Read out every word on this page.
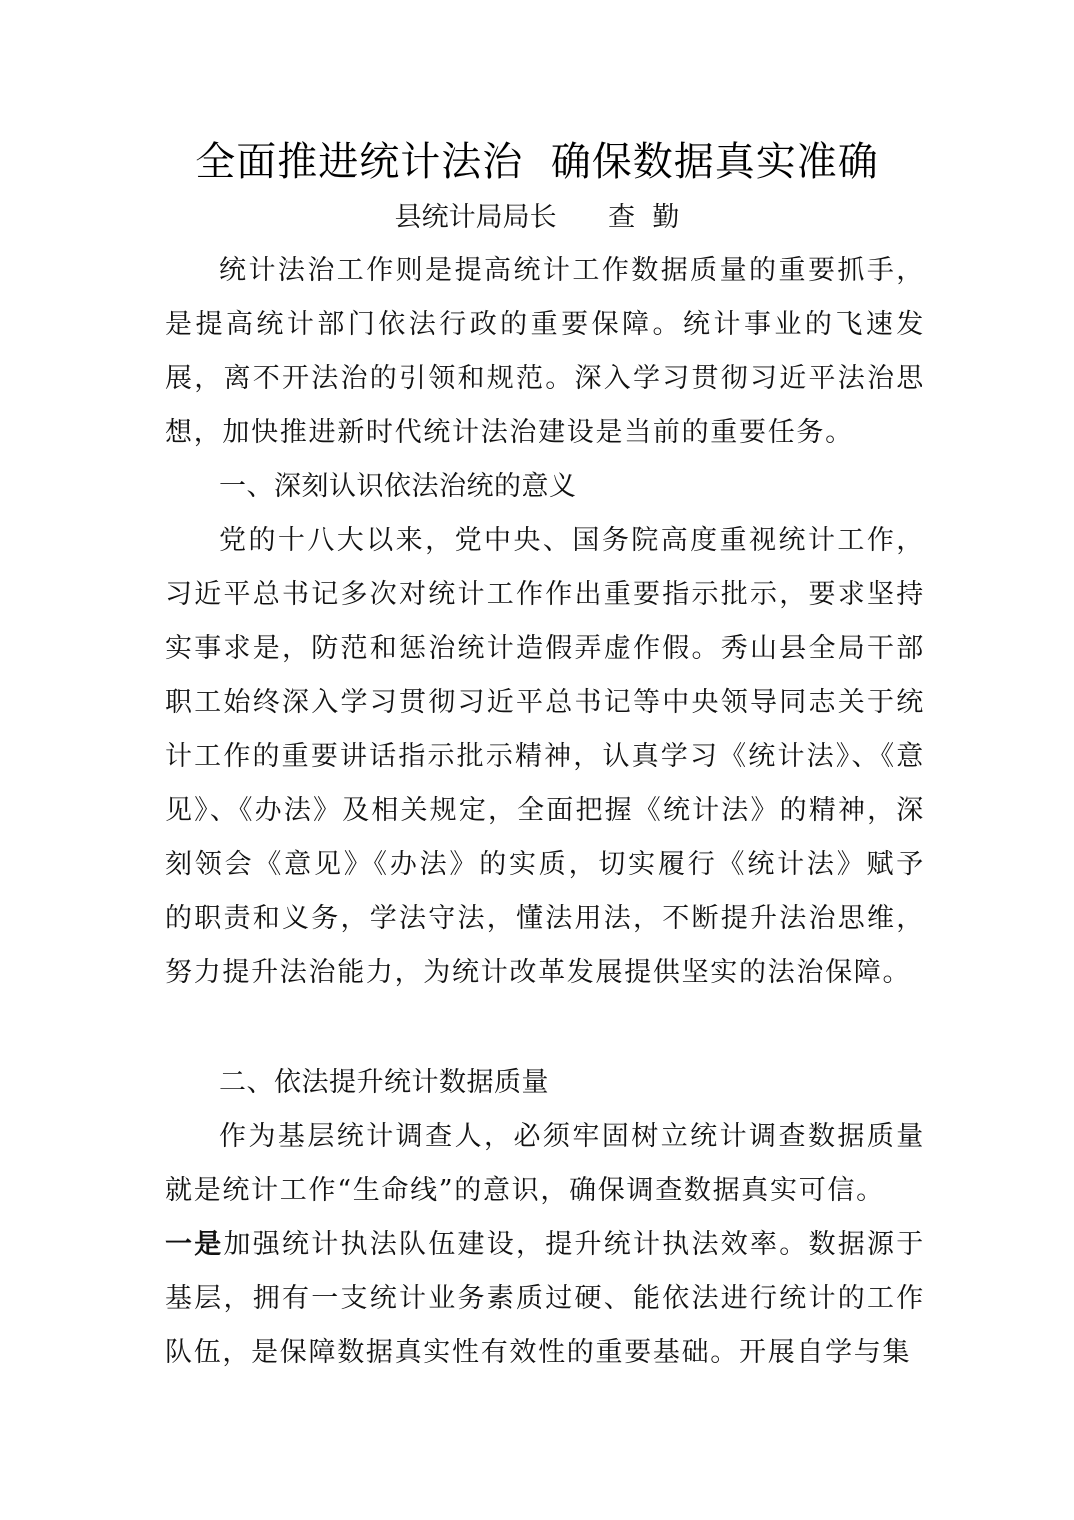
全面推进统计法治  确保数据真实准确
县统计局局长      查  勤

统计法治工作则是提高统计工作数据质量的重要抓手，是提高统计部门依法行政的重要保障。统计事业的飞速发展，离不开法治的引领和规范。深入学习贯彻习近平法治思想，加快推进新时代统计法治建设是当前的重要任务。

一、深刻认识依法治统的意义

党的十八大以来，党中央、国务院高度重视统计工作，习近平总书记多次对统计工作作出重要指示批示，要求坚持实事求是，防范和惩治统计造假弄虚作假。秀山县全局干部职工始终深入学习贯彻习近平总书记等中央领导同志关于统计工作的重要讲话指示批示精神，认真学习《统计法》、《意见》、《办法》及相关规定，全面把握《统计法》的精神，深刻领会《意见》《办法》的实质，切实履行《统计法》赋予的职责和义务，学法守法，懂法用法，不断提升法治思维，努力提升法治能力，为统计改革发展提供坚实的法治保障。

二、依法提升统计数据质量

作为基层统计调查人，必须牢固树立统计调查数据质量就是统计工作“生命线”的意识，确保调查数据真实可信。

一是加强统计执法队伍建设，提升统计执法效率。数据源于基层，拥有一支统计业务素质过硬、能依法进行统计的工作队伍，是保障数据真实性有效性的重要基础。开展自学与集
